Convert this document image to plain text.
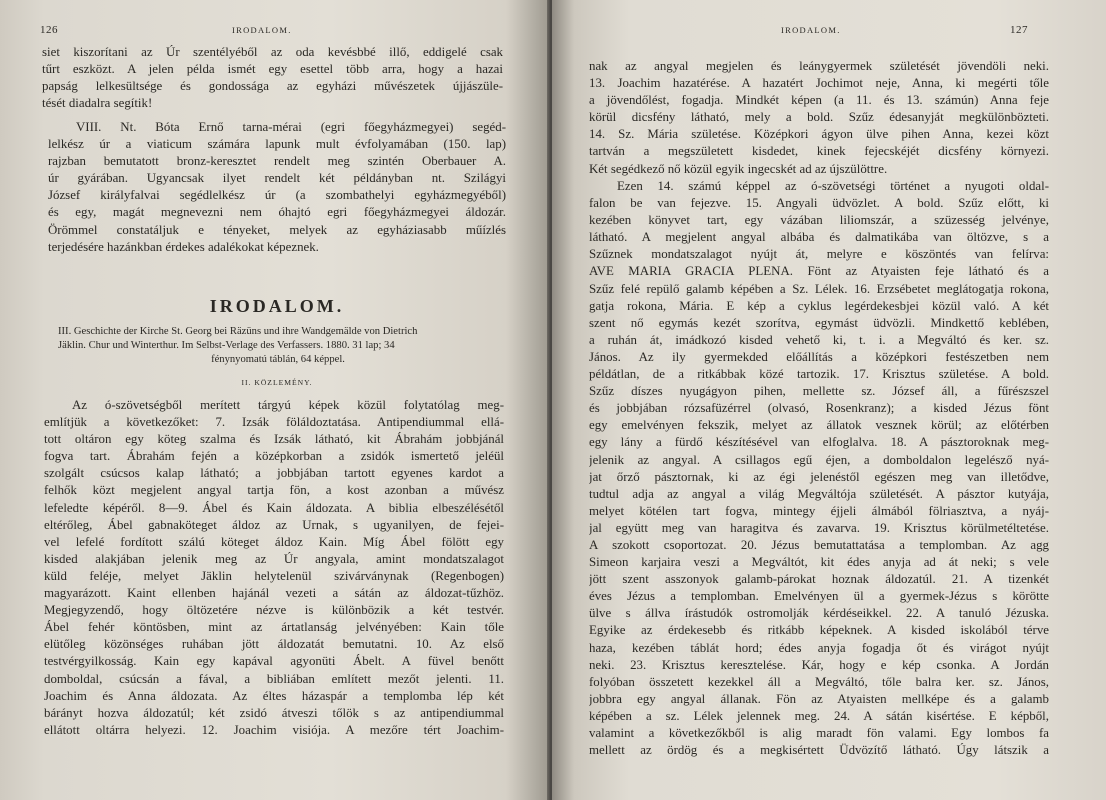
126	IRODALOM.
siet kiszorítani az Úr szentélyéből az oda kevésbbé illő, eddigelé csak
tűrt eszközt. A jelen példa ismét egy esettel több arra, hogy a hazai
papság lelkesültsége és gondossága az egyházi művészetek újjászüle-
tését diadalra segítik!
VIII. Nt. Bóta Ernő tarna-mérai (egri főegyházmegyei) segéd-
lelkész úr a viaticum számára lapunk mult évfolyamában (150. lap)
rajzban bemutatott bronz-keresztet rendelt meg szintén Oberbauer A.
úr gyárában. Ugyancsak ilyet rendelt két példányban nt. Szilágyi
József királyfalvai segédlelkész úr (a szombathelyi egyházmegyéből)
és egy, magát megnevezni nem óhajtó egri főegyházmegyei áldozár.
Örömmel constatáljuk e tényeket, melyek az egyháziasabb műízlés
terjedésére hazánkban érdekes adalékokat képeznek.
IRODALOM.
III. Geschichte der Kirche St. Georg bei Räzüns und ihre Wandgemälde von Dietrich
Jäklin. Chur und Winterthur. Im Selbst-Verlage des Verfassers. 1880. 31 lap; 34
fénynyomatú táblán, 64 képpel.
II. KÖZLEMÉNY.
Az ó-szövetségből merített tárgyú képek közül folytatólag meg-
említjük a következőket: 7. Izsák föláldoztatása. Antipendiummal ellá-
tott oltáron egy köteg szalma és Izsák látható, kit Ábrahám jobbjánál
fogva tart. Ábrahám fején a középkorban a zsidók ismertető jeléül
szolgált csúcsos kalap látható; a jobbjában tartott egyenes kardot a
felhők közt megjelent angyal tartja fön, a kost azonban a művész
lefeledte képéről. 8—9. Ábel és Kain áldozata. A biblia elbeszélésétől
eltérőleg, Ábel gabnaköteget áldoz az Urnak, s ugyanilyen, de fejei-
vel lefelé fordított szálú köteget áldoz Kain. Míg Ábel fölött egy
kisded alakjában jelenik meg az Úr angyala, amint mondatszalagot
küld feléje, melyet Jäklin helytelenül szivárványnak (Regenbogen)
magyarázott. Kaint ellenben hajánál vezeti a sátán az áldozat-tűzhöz.
Megjegyzendő, hogy öltözetére nézve is különbözik a két testvér.
Ábel fehér köntösben, mint az ártatlanság jelvényében: Kain tőle
elütőleg közönséges ruhában jött áldozatát bemutatni. 10. Az első
testvérgyilkosság. Kain egy kapával agyonüti Ábelt. A füvel benőtt
domboldal, csúcsán a fával, a bibliában említett mezőt jelenti. 11.
Joachim és Anna áldozata. Az éltes házaspár a templomba lép két
bárányt hozva áldozatúl; két zsidó átveszi tőlök s az antipendiummal
ellátott oltárra helyezi. 12. Joachim visiója. A mezőre tért Joachim-
IRODALOM.	127
nak az angyal megjelen és leánygyermek születését jövendöli neki.
13. Joachim hazatérése. A hazatért Jochimot neje, Anna, ki megérti tőle
a jövendőlést, fogadja. Mindkét képen (a 11. és 13. számún) Anna feje
körül dicsfény látható, mely a bold. Szűz édesanyját megkülönbözteti.
14. Sz. Mária születése. Középkori ágyon ülve pihen Anna, kezei közt
tartván a megszületett kisdedet, kinek fejecskéjét dicsfény környezi.
Két segédkező nő közül egyik ingecskét ad az újszülöttre.
Ezen 14. számú képpel az ó-szövetségi történet a nyugoti oldal-
falon be van fejezve. 15. Angyali üdvözlet. A bold. Szűz előtt, ki
kezében könyvet tart, egy vázában liliomszár, a szüzesség jelvénye,
látható. A megjelent angyal albába és dalmatikába van öltözve, s a
Szűznek mondatszalagot nyújt át, melyre e köszöntés van felírva:
AVE MARIA GRACIA PLENA. Fönt az Atyaisten feje látható és a
Szűz felé repülő galamb képében a Sz. Lélek. 16. Erzsébetet meglátogatja rokona,
gatja rokona, Mária. E kép a cyklus legérdekesbjei közül való. A két
szent nő egymás kezét szorítva, egymást üdvözli. Mindkettő keblében,
a ruhán át, imádkozó kisded vehető ki, t. i. a Megváltó és ker. sz.
János. Az ily gyermekded előállítás a középkori festészetben nem
példátlan, de a ritkábbak közé tartozik. 17. Krisztus születése. A bold.
Szűz díszes nyugágyon pihen, mellette sz. József áll, a fűrészszel
és jobbjában rózsafüzérrel (olvasó, Rosenkranz); a kisded Jézus fönt
egy emelvényen fekszik, melyet az állatok vesznek körül; az előtérben
egy lány a fürdő készítésével van elfoglalva. 18. A pásztoroknak meg-
jelenik az angyal. A csillagos egű éjen, a domboldalon legelésző nyá-
jat őrző pásztornak, ki az égi jelenéstől egészen meg van illetődve,
tudtul adja az angyal a világ Megváltója születését. A pásztor kutyája,
melyet kötélen tart fogva, mintegy éjjeli álmából fölriasztva, a nyáj-
jal együtt meg van haragitva és zavarva. 19. Krisztus körülmetéltetése.
A szokott csoportozat. 20. Jézus bemutattatása a templomban. Az agg
Simeon karjaira veszi a Megváltót, kit édes anyja ad át neki; s vele
jött szent asszonyok galamb-párokat hoznak áldozatúl. 21. A tizenkét
éves Jézus a templomban. Emelvényen ül a gyermek-Jézus s körötte
ülve s állva írástudók ostromolják kérdéseikkel. 22. A tanuló Jézuska.
Egyike az érdekesebb és ritkább képeknek. A kisded iskolából térve
haza, kezében táblát hord; édes anyja fogadja őt és virágot nyújt
neki. 23. Krisztus keresztelése. Kár, hogy e kép csonka. A Jordán
folyóban összetett kezekkel áll a Megváltó, tőle balra ker. sz. János,
jobbra egy angyal állanak. Fön az Atyaisten mellképe és a galamb
képében a sz. Lélek jelennek meg. 24. A sátán kisértése. E képből,
valamint a következőkből is alig maradt fön valami. Egy lombos fa
mellett az ördög és a megkisértett Üdvözítő látható. Úgy látszik a
